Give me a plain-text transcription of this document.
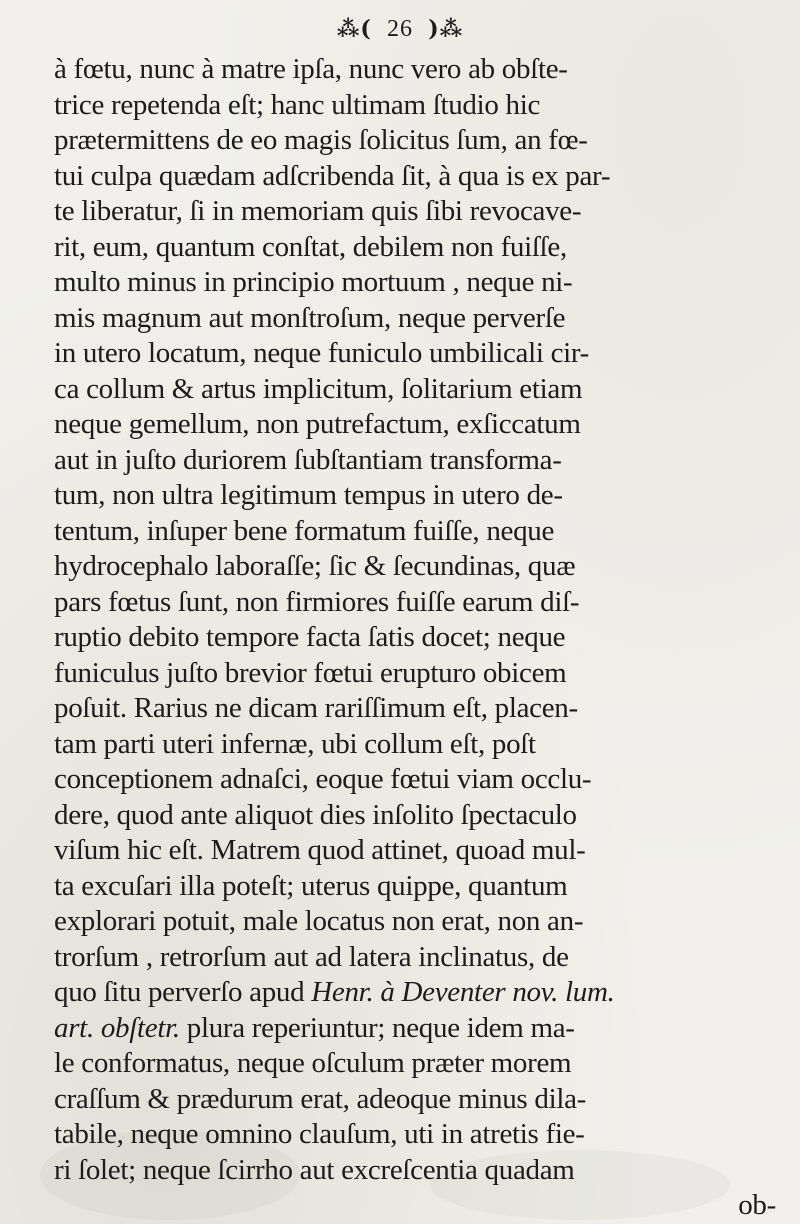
⁂( 26 )⁂
à fœtu, nunc à matre ipſa, nunc vero ab obſte-
trice repetenda eſt; hanc ultimam ſtudio hic
prætermittens de eo magis ſolicitus ſum, an fœ-
tui culpa quædam adſcribenda ſit, à qua is ex par-
te liberatur, ſi in memoriam quis ſibi revocave-
rit, eum, quantum conſtat, debilem non fuiſſe,
multo minus in principio mortuum , neque ni-
mis magnum aut monſtroſum, neque perverſe
in utero locatum, neque funiculo umbilicali cir-
ca collum & artus implicitum, ſolitarium etiam
neque gemellum, non putrefactum, exſiccatum
aut in juſto duriorem ſubſtantiam transforma-
tum, non ultra legitimum tempus in utero de-
tentum, inſuper bene formatum fuiſſe, neque
hydrocephalo laboraſſe; ſic & ſecundinas, quæ
pars fœtus ſunt, non firmiores fuiſſe earum diſ-
ruptio debito tempore facta ſatis docet; neque
funiculus juſto brevior fœtui erupturo obicem
poſuit. Rarius ne dicam rariſſimum eſt, placen-
tam parti uteri infernæ, ubi collum eſt, poſt
conceptionem adnaſci, eoque fœtui viam occlu-
dere, quod ante aliquot dies inſolito ſpectaculo
viſum hic eſt. Matrem quod attinet, quoad mul-
ta excuſari illa poteſt; uterus quippe, quantum
explorari potuit, male locatus non erat, non an-
trorſum , retrorſum aut ad latera inclinatus, de
quo ſitu perverſo apud Henr. à Deventer nov. lum.
art. obſtetr. plura reperiuntur; neque idem ma-
le conformatus, neque oſculum præter morem
craſſum & prædurum erat, adeoque minus dila-
tabile, neque omnino clauſum, uti in atretis fie-
ri ſolet; neque ſcirrho aut excreſcentia quadam
ob-
